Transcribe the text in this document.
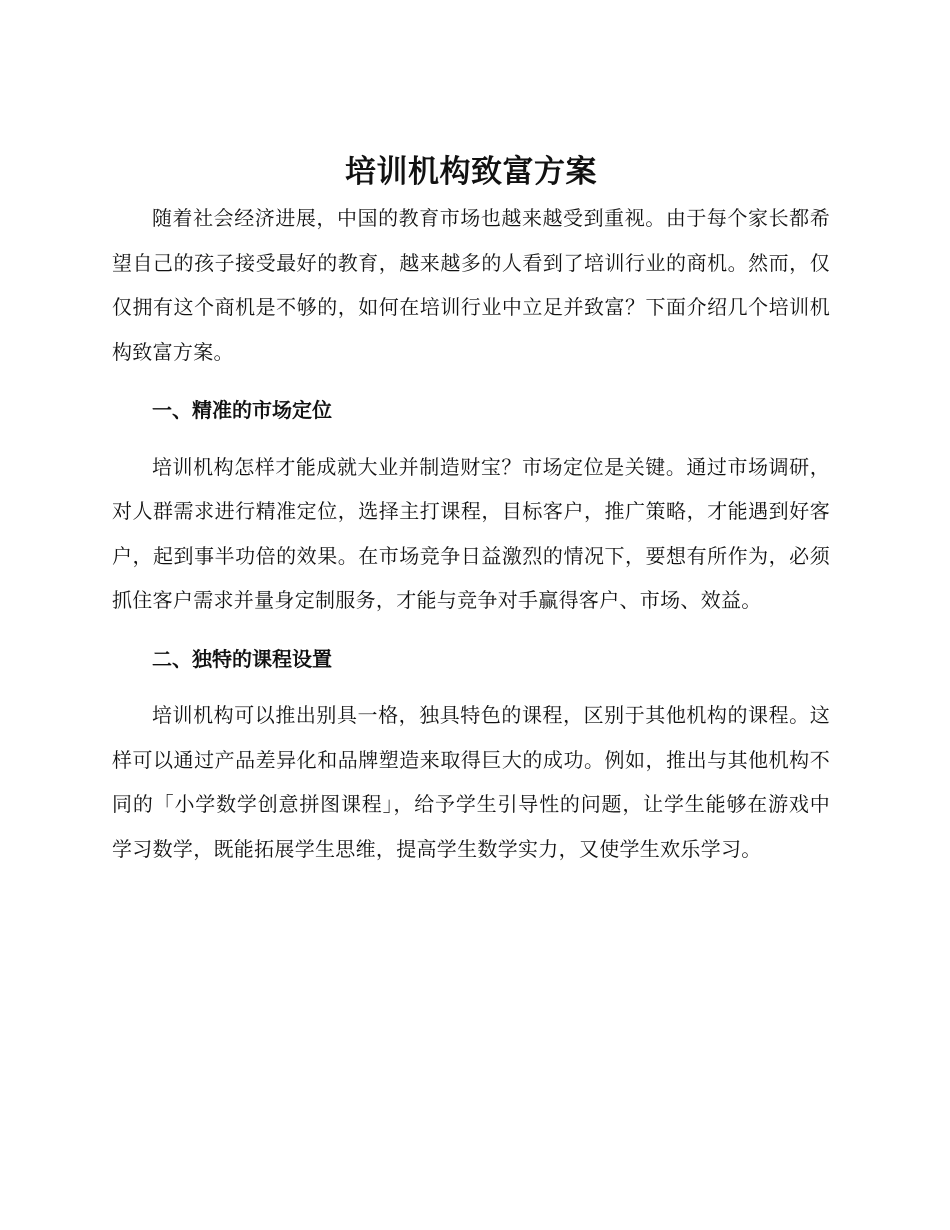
培训机构致富方案

随着社会经济进展，中国的教育市场也越来越受到重视。由于每个家长都希望自己的孩子接受最好的教育，越来越多的人看到了培训行业的商机。然而，仅仅拥有这个商机是不够的，如何在培训行业中立足并致富？下面介绍几个培训机构致富方案。

一、精准的市场定位

培训机构怎样才能成就大业并制造财宝？市场定位是关键。通过市场调研，对人群需求进行精准定位，选择主打课程，目标客户，推广策略，才能遇到好客户，起到事半功倍的效果。在市场竞争日益激烈的情况下，要想有所作为，必须抓住客户需求并量身定制服务，才能与竞争对手赢得客户、市场、效益。

二、独特的课程设置

培训机构可以推出别具一格，独具特色的课程，区别于其他机构的课程。这样可以通过产品差异化和品牌塑造来取得巨大的成功。例如，推出与其他机构不同的「小学数学创意拼图课程」，给予学生引导性的问题，让学生能够在游戏中学习数学，既能拓展学生思维，提高学生数学实力，又使学生欢乐学习。
